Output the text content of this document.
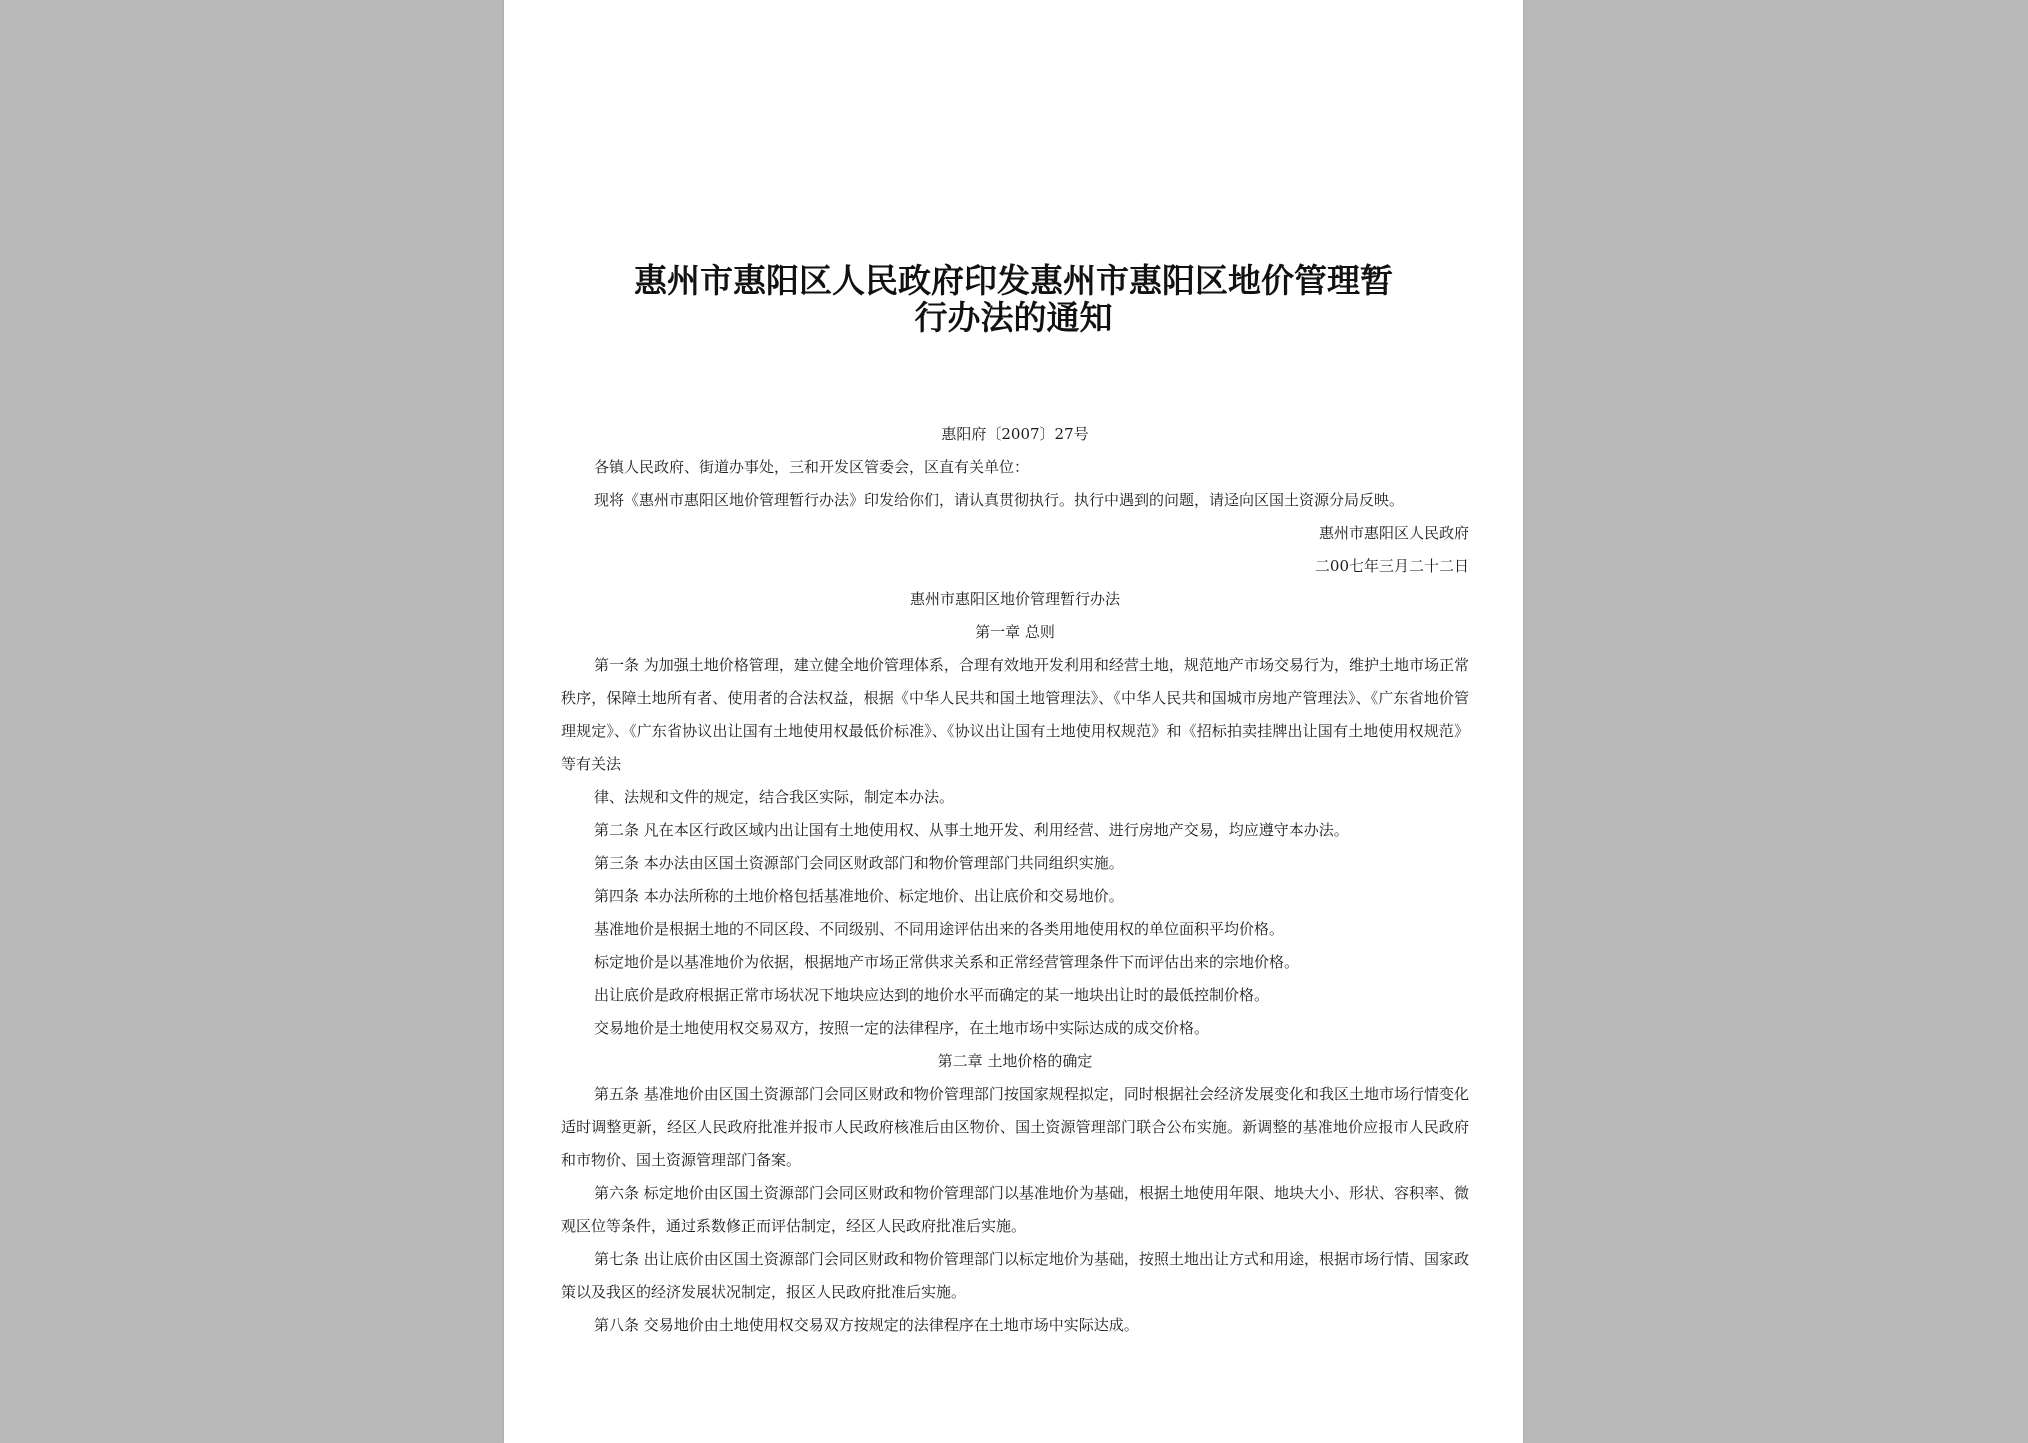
惠州市惠阳区人民政府印发惠州市惠阳区地价管理暂
行办法的通知

惠阳府〔2007〕27号

各镇人民政府、街道办事处，三和开发区管委会，区直有关单位：

现将《惠州市惠阳区地价管理暂行办法》印发给你们，请认真贯彻执行。执行中遇到的问题，请迳向区国土资源分局反映。

惠州市惠阳区人民政府

二00七年三月二十二日

惠州市惠阳区地价管理暂行办法

第一章 总则

第一条 为加强土地价格管理，建立健全地价管理体系，合理有效地开发利用和经营土地，规范地产市场交易行为，维护土地市场正常秩序，保障土地所有者、使用者的合法权益，根据《中华人民共和国土地管理法》、《中华人民共和国城市房地产管理法》、《广东省地价管理规定》、《广东省协议出让国有土地使用权最低价标准》、《协议出让国有土地使用权规范》和《招标拍卖挂牌出让国有土地使用权规范》等有关法

律、法规和文件的规定，结合我区实际，制定本办法。

第二条 凡在本区行政区域内出让国有土地使用权、从事土地开发、利用经营、进行房地产交易，均应遵守本办法。

第三条 本办法由区国土资源部门会同区财政部门和物价管理部门共同组织实施。

第四条 本办法所称的土地价格包括基准地价、标定地价、出让底价和交易地价。

基准地价是根据土地的不同区段、不同级别、不同用途评估出来的各类用地使用权的单位面积平均价格。

标定地价是以基准地价为依据，根据地产市场正常供求关系和正常经营管理条件下而评估出来的宗地价格。

出让底价是政府根据正常市场状况下地块应达到的地价水平而确定的某一地块出让时的最低控制价格。

交易地价是土地使用权交易双方，按照一定的法律程序，在土地市场中实际达成的成交价格。

第二章 土地价格的确定

第五条 基准地价由区国土资源部门会同区财政和物价管理部门按国家规程拟定，同时根据社会经济发展变化和我区土地市场行情变化适时调整更新，经区人民政府批准并报市人民政府核准后由区物价、国土资源管理部门联合公布实施。新调整的基准地价应报市人民政府和市物价、国土资源管理部门备案。

第六条 标定地价由区国土资源部门会同区财政和物价管理部门以基准地价为基础，根据土地使用年限、地块大小、形状、容积率、微观区位等条件，通过系数修正而评估制定，经区人民政府批准后实施。

第七条 出让底价由区国土资源部门会同区财政和物价管理部门以标定地价为基础，按照土地出让方式和用途，根据市场行情、国家政策以及我区的经济发展状况制定，报区人民政府批准后实施。

第八条 交易地价由土地使用权交易双方按规定的法律程序在土地市场中实际达成。
